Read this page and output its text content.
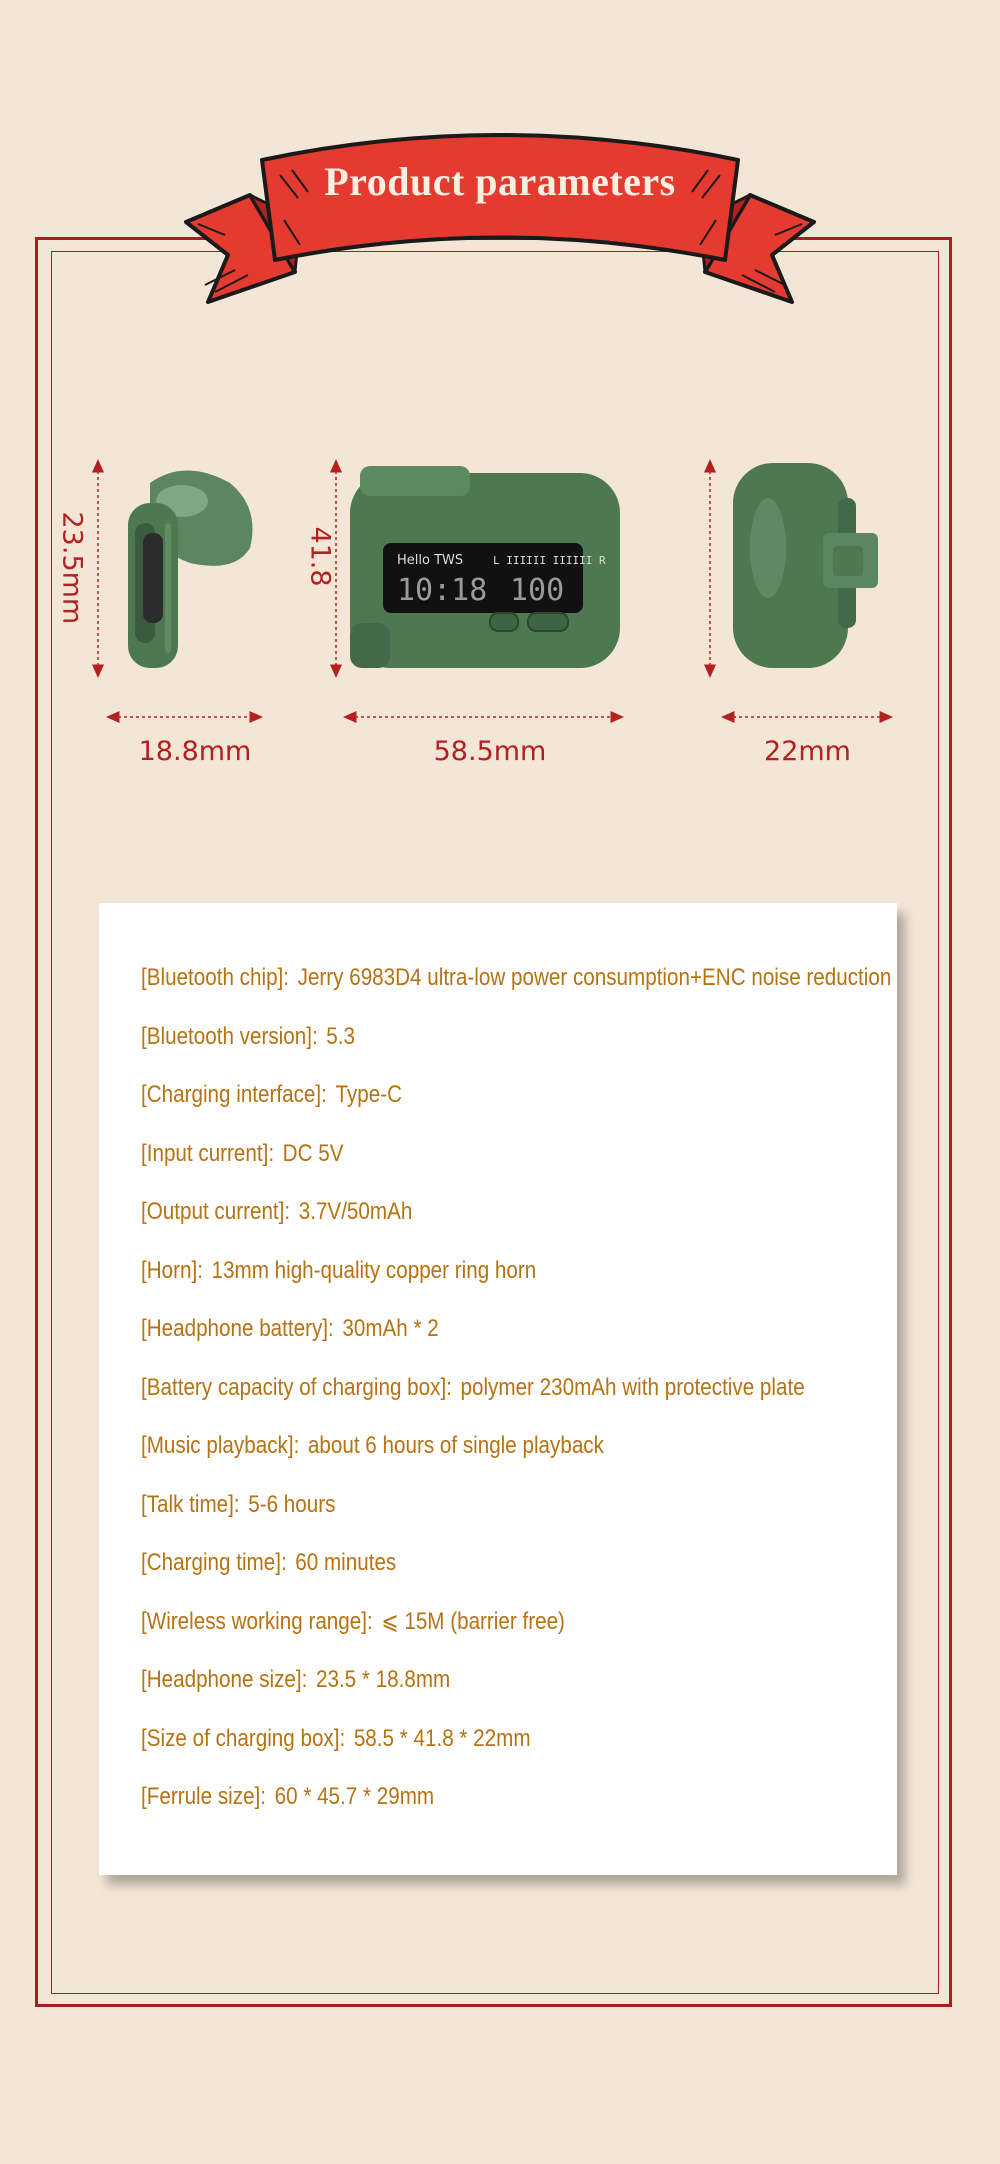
Product parameters
Hello TWS	L IIIIII IIIIII R
10:18 100
23.5mm	41.8
18.8mm	58.5mm	22mm
[Bluetooth chip]: Jerry 6983D4 ultra-low power consumption+ENC noise reduction
[Bluetooth version]: 5.3
[Charging interface]: Type-C
[Input current]: DC 5V
[Output current]: 3.7V/50mAh
[Horn]: 13mm high-quality copper ring horn
[Headphone battery]: 30mAh * 2
[Battery capacity of charging box]: polymer 230mAh with protective plate
[Music playback]: about 6 hours of single playback
[Talk time]: 5-6 hours
[Charging time]: 60 minutes
[Wireless working range]: ⩽ 15M (barrier free)
[Headphone size]: 23.5 * 18.8mm
[Size of charging box]: 58.5 * 41.8 * 22mm
[Ferrule size]: 60 * 45.7 * 29mm
